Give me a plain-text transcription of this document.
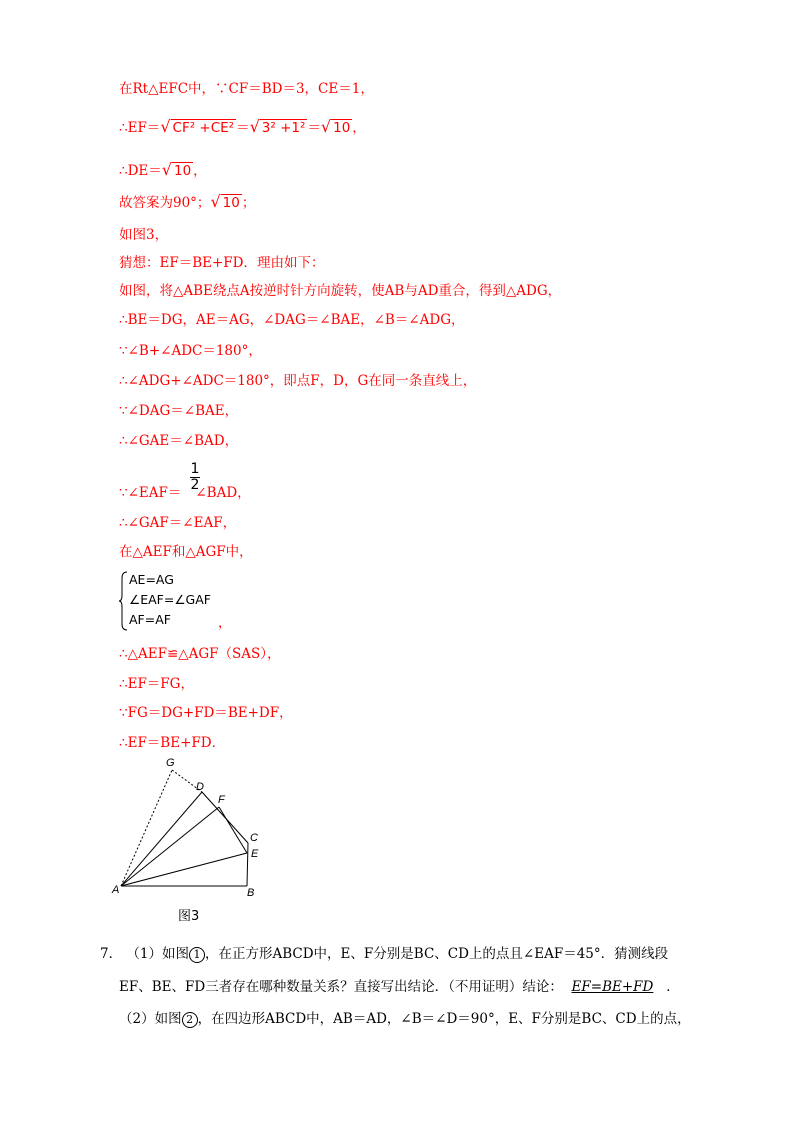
在Rt△EFC中，∵CF＝BD＝3，CE＝1，
∴EF＝√ CF² +CE² ＝√ 3² +1² ＝√ 10 ，
∴DE＝√ 10 ，
故答案为90°；√ 10 ；
如图3，
猜想：EF＝BE+FD．理由如下：
如图，将△ABE绕点A按逆时针方向旋转，使AB与AD重合，得到△ADG，
∴BE＝DG，AE＝AG，∠DAG＝∠BAE，∠B＝∠ADG，
∵∠B+∠ADC＝180°，
∴∠ADG+∠ADC＝180°，即点F，D，G在同一条直线上，
∵∠DAG＝∠BAE，
∴∠GAE＝∠BAD，
$\frac{1}{2}$
∵∠EAF＝ ∠BAD，
∴∠GAF＝∠EAF，
在△AEF和△AGF中，
AE=AG
∠EAF=∠GAF
AF=AF	，
∴△AEF≌△AGF（SAS），
∴EF＝FG，
∵FG＝DG+FD＝BE+DF，
∴EF＝BE+FD．
G
D
F
C
E
A	B
图3
7． （1）如图 1 ，在正方形ABCD中，E、F分别是BC、CD上的点且∠EAF＝45°．猜测线段
EF、BE、FD三者存在哪种数量关系？直接写出结论．（不用证明）结论： EF=BE+FD ．
（2）如图 2 ，在四边形ABCD中，AB＝AD，∠B＝∠D＝90°，E、F分别是BC、CD上的点，
